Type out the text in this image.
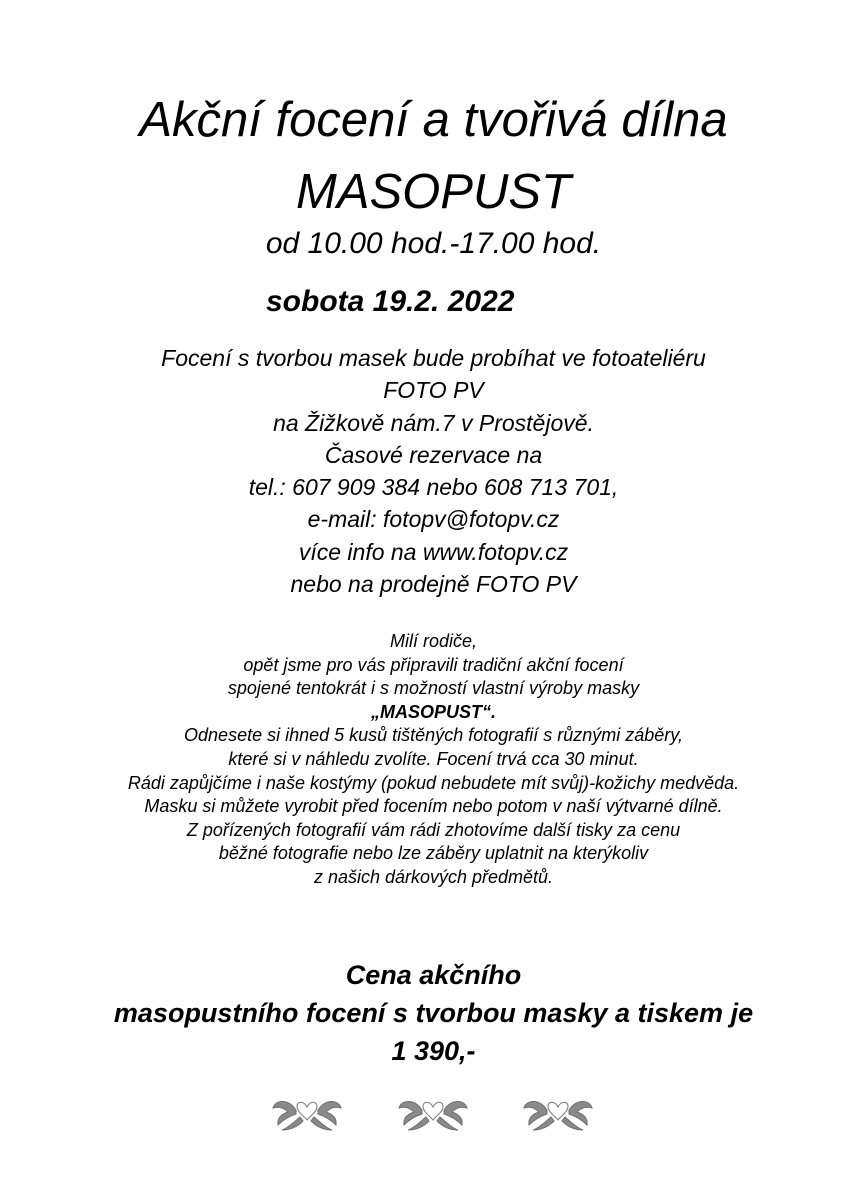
Akční focení a tvořivá dílna
MASOPUST
od 10.00 hod.-17.00 hod.
sobota 19.2. 2022
Focení s tvorbou masek bude probíhat ve fotoateliéru
FOTO PV
na Žižkově nám.7 v Prostějově.
Časové rezervace na
tel.: 607 909 384 nebo 608 713 701,
e-mail: fotopv@fotopv.cz
více info na www.fotopv.cz
nebo na prodejně FOTO PV
Milí rodiče,
opět jsme pro vás připravili tradiční akční focení
spojené tentokrát i s možností vlastní výroby masky
„MASOPUST“.
Odnesete si ihned 5 kusů tištěných fotografií s různými záběry,
které si v náhledu zvolíte. Focení trvá cca 30 minut.
Rádi zapůjčíme i naše kostýmy (pokud nebudete mít svůj)-kožichy medvěda.
Masku si můžete vyrobit před focením nebo potom v naší výtvarné dílně.
Z pořízených fotografií vám rádi zhotovíme další tisky za cenu
běžné fotografie nebo lze záběry uplatnit na kterýkoliv
z našich dárkových předmětů.
Cena akčního
masopustního focení s tvorbou masky a tiskem je
1 390,-
